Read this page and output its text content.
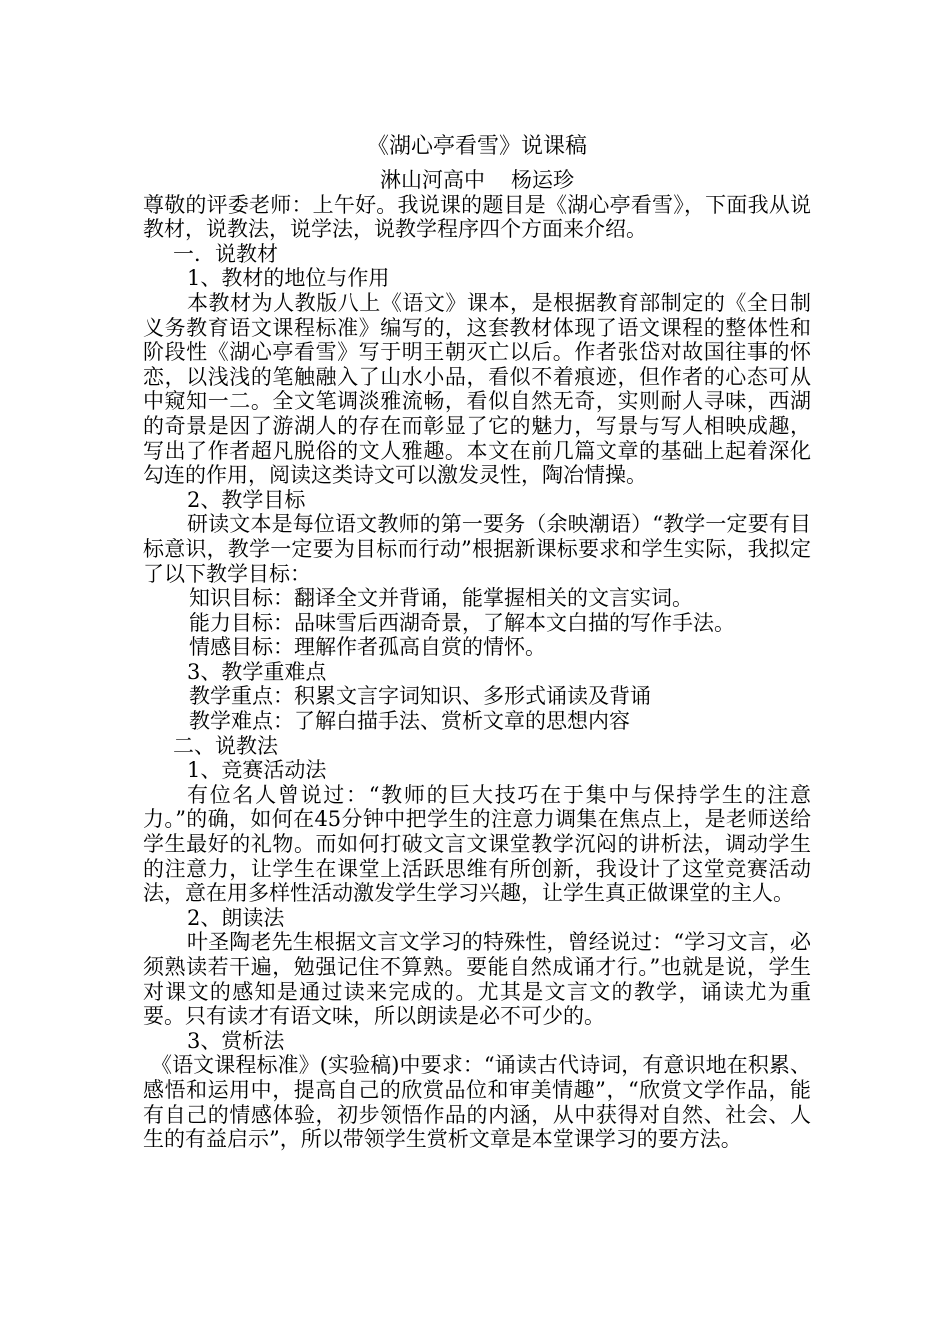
《湖心亭看雪》说课稿

淋山河高中 杨运珍

尊敬的评委老师：上午好。我说课的题目是《湖心亭看雪》，下面我从说教材，说教法，说学法，说教学程序四个方面来介绍。

一．说教材

1、教材的地位与作用

本教材为人教版八上《语文》课本，是根据教育部制定的《全日制义务教育语文课程标准》编写的，这套教材体现了语文课程的整体性和阶段性《湖心亭看雪》写于明王朝灭亡以后。作者张岱对故国往事的怀恋，以浅浅的笔触融入了山水小品，看似不着痕迹，但作者的心态可从中窥知一二。全文笔调淡雅流畅，看似自然无奇，实则耐人寻味，西湖的奇景是因了游湖人的存在而彰显了它的魅力，写景与写人相映成趣，写出了作者超凡脱俗的文人雅趣。本文在前几篇文章的基础上起着深化勾连的作用，阅读这类诗文可以激发灵性，陶冶情操。

2、教学目标

研读文本是每位语文教师的第一要务（余映潮语）“教学一定要有目标意识，教学一定要为目标而行动”根据新课标要求和学生实际，我拟定了以下教学目标：

知识目标：翻译全文并背诵，能掌握相关的文言实词。

能力目标：品味雪后西湖奇景，了解本文白描的写作手法。

情感目标：理解作者孤高自赏的情怀。

3、教学重难点

教学重点：积累文言字词知识、多形式诵读及背诵

教学难点：了解白描手法、赏析文章的思想内容

二、说教法

1、竞赛活动法

有位名人曾说过：“教师的巨大技巧在于集中与保持学生的注意力。”的确，如何在45分钟中把学生的注意力调集在焦点上，是老师送给学生最好的礼物。而如何打破文言文课堂教学沉闷的讲析法，调动学生的注意力，让学生在课堂上活跃思维有所创新，我设计了这堂竞赛活动法，意在用多样性活动激发学生学习兴趣，让学生真正做课堂的主人。

2、朗读法

叶圣陶老先生根据文言文学习的特殊性，曾经说过：“学习文言，必须熟读若干遍，勉强记住不算熟。要能自然成诵才行。”也就是说，学生对课文的感知是通过读来完成的。尤其是文言文的教学，诵读尤为重要。只有读才有语文味，所以朗读是必不可少的。

3、赏析法

《语文课程标准》(实验稿)中要求：“诵读古代诗词，有意识地在积累、感悟和运用中，提高自己的欣赏品位和审美情趣”，“欣赏文学作品，能有自己的情感体验，初步领悟作品的内涵，从中获得对自然、社会、人生的有益启示”，所以带领学生赏析文章是本堂课学习的要方法。
